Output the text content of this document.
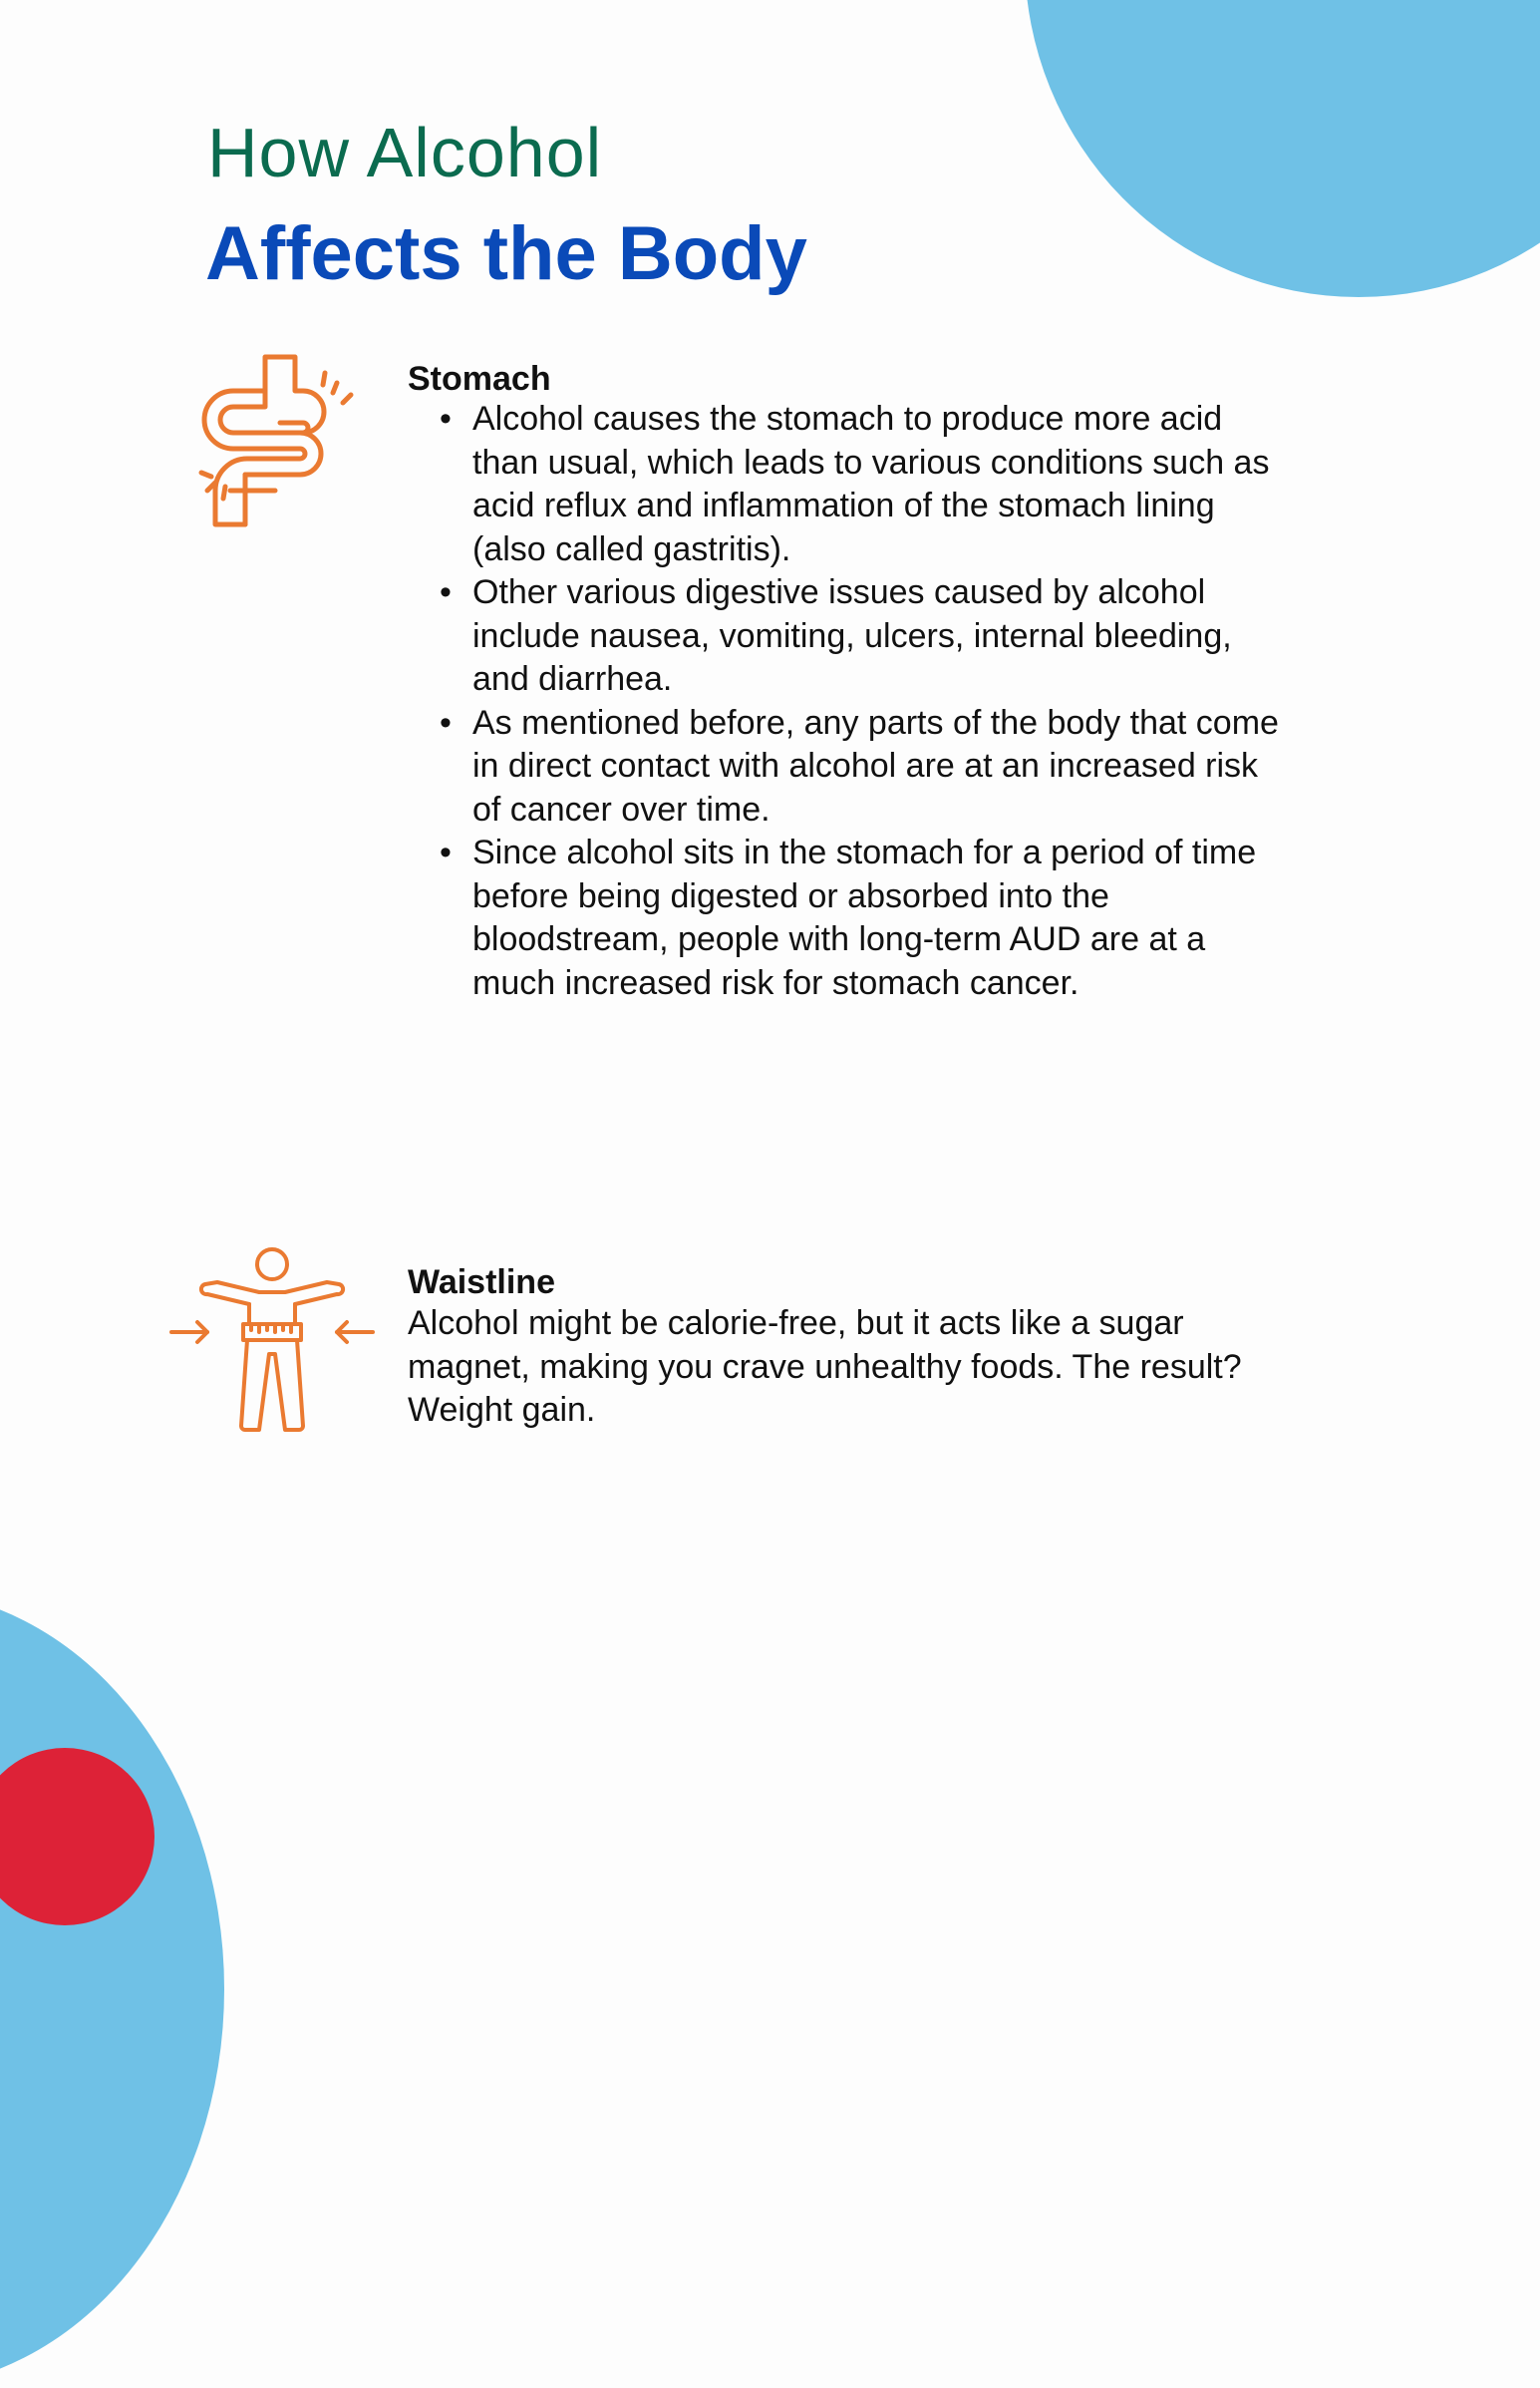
How Alcohol
Affects the Body
Stomach
• Alcohol causes the stomach to produce more acid than usual, which leads to various conditions such as acid reflux and inflammation of the stomach lining (also called gastritis).
• Other various digestive issues caused by alcohol include nausea, vomiting, ulcers, internal bleeding, and diarrhea.
• As mentioned before, any parts of the body that come in direct contact with alcohol are at an increased risk of cancer over time.
• Since alcohol sits in the stomach for a period of time before being digested or absorbed into the bloodstream, people with long-term AUD are at a much increased risk for stomach cancer.
Waistline

Alcohol might be calorie-free, but it acts like a sugar magnet, making you crave unhealthy foods. The result? Weight gain.
